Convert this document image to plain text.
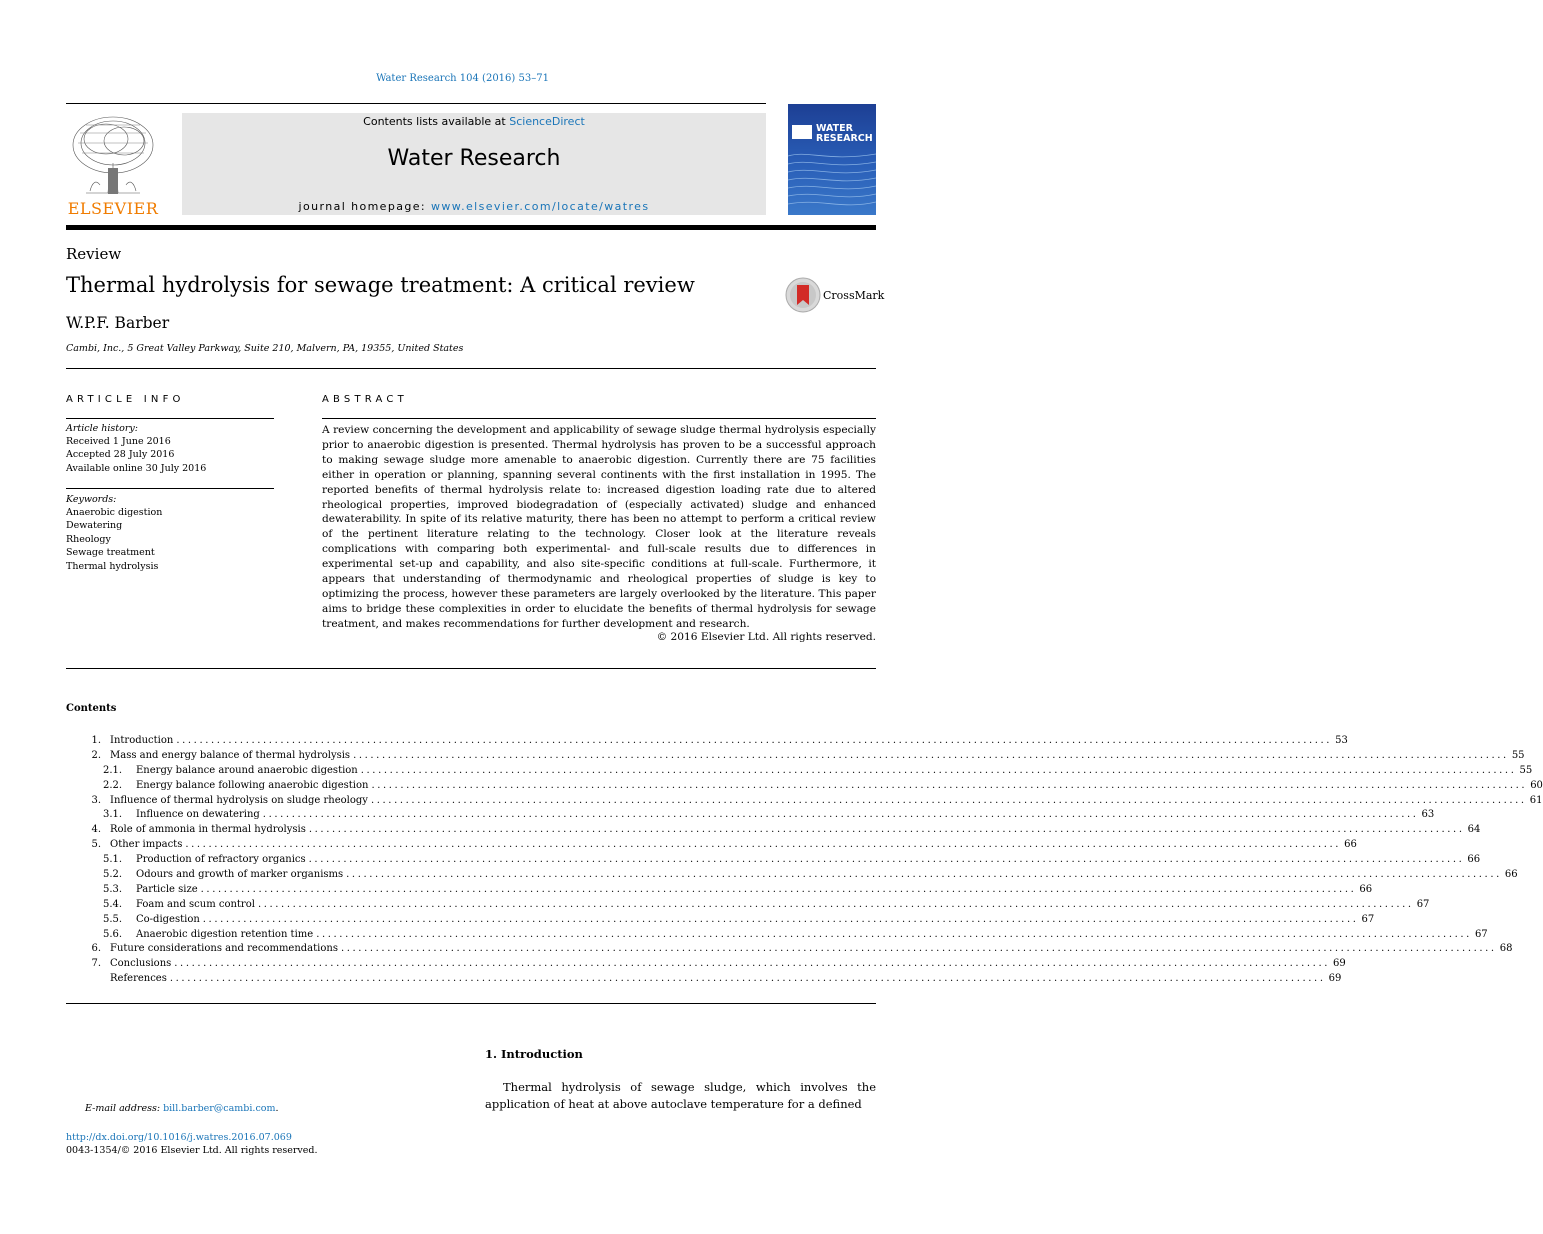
Water Research 104 (2016) 53–71
ELSEVIER
Contents lists available at ScienceDirect
Water Research
journal homepage: www.elsevier.com/locate/watres
WATER
RESEARCH
Review
Thermal hydrolysis for sewage treatment: A critical review
W.P.F. Barber
Cambi, Inc., 5 Great Valley Parkway, Suite 210, Malvern, PA, 19355, United States
CrossMark
ARTICLE INFO	ABSTRACT
Article history:
Received 1 June 2016
Accepted 28 July 2016
Available online 30 July 2016
Keywords:
Anaerobic digestion
Dewatering
Rheology
Sewage treatment
Thermal hydrolysis
A review concerning the development and applicability of sewage sludge thermal hydrolysis especially prior to anaerobic digestion is presented. Thermal hydrolysis has proven to be a successful approach to making sewage sludge more amenable to anaerobic digestion. Currently there are 75 facilities either in operation or planning, spanning several continents with the first installation in 1995. The reported benefits of thermal hydrolysis relate to: increased digestion loading rate due to altered rheological properties, improved biodegradation of (especially activated) sludge and enhanced dewaterability. In spite of its relative maturity, there has been no attempt to perform a critical review of the pertinent literature relating to the technology. Closer look at the literature reveals complications with comparing both experimental- and full-scale results due to differences in experimental set-up and capability, and also site-specific conditions at full-scale. Furthermore, it appears that understanding of thermodynamic and rheological properties of sludge is key to optimizing the process, however these parameters are largely overlooked by the literature. This paper aims to bridge these complexities in order to elucidate the benefits of thermal hydrolysis for sewage treatment, and makes recommendations for further development and research.
© 2016 Elsevier Ltd. All rights reserved.
Contents
1. Introduction ........................................................................................................................................................................................................ 53
2. Mass and energy balance of thermal hydrolysis ........................................................................................................................................................................................................ 55
2.1. Energy balance around anaerobic digestion ........................................................................................................................................................................................................ 55
2.2. Energy balance following anaerobic digestion ........................................................................................................................................................................................................ 60
3. Influence of thermal hydrolysis on sludge rheology ........................................................................................................................................................................................................ 61
3.1. Influence on dewatering ........................................................................................................................................................................................................ 63
4. Role of ammonia in thermal hydrolysis ........................................................................................................................................................................................................ 64
5. Other impacts ........................................................................................................................................................................................................ 66
5.1. Production of refractory organics ........................................................................................................................................................................................................ 66
5.2. Odours and growth of marker organisms ........................................................................................................................................................................................................ 66
5.3. Particle size ........................................................................................................................................................................................................ 66
5.4. Foam and scum control ........................................................................................................................................................................................................ 67
5.5. Co-digestion ........................................................................................................................................................................................................ 67
5.6. Anaerobic digestion retention time ........................................................................................................................................................................................................ 67
6. Future considerations and recommendations ........................................................................................................................................................................................................ 68
7. Conclusions ........................................................................................................................................................................................................ 69
References ........................................................................................................................................................................................................ 69
E-mail address: bill.barber@cambi.com.
http://dx.doi.org/10.1016/j.watres.2016.07.069
0043-1354/© 2016 Elsevier Ltd. All rights reserved.
1. Introduction
Thermal hydrolysis of sewage sludge, which involves the application of heat at above autoclave temperature for a defined
